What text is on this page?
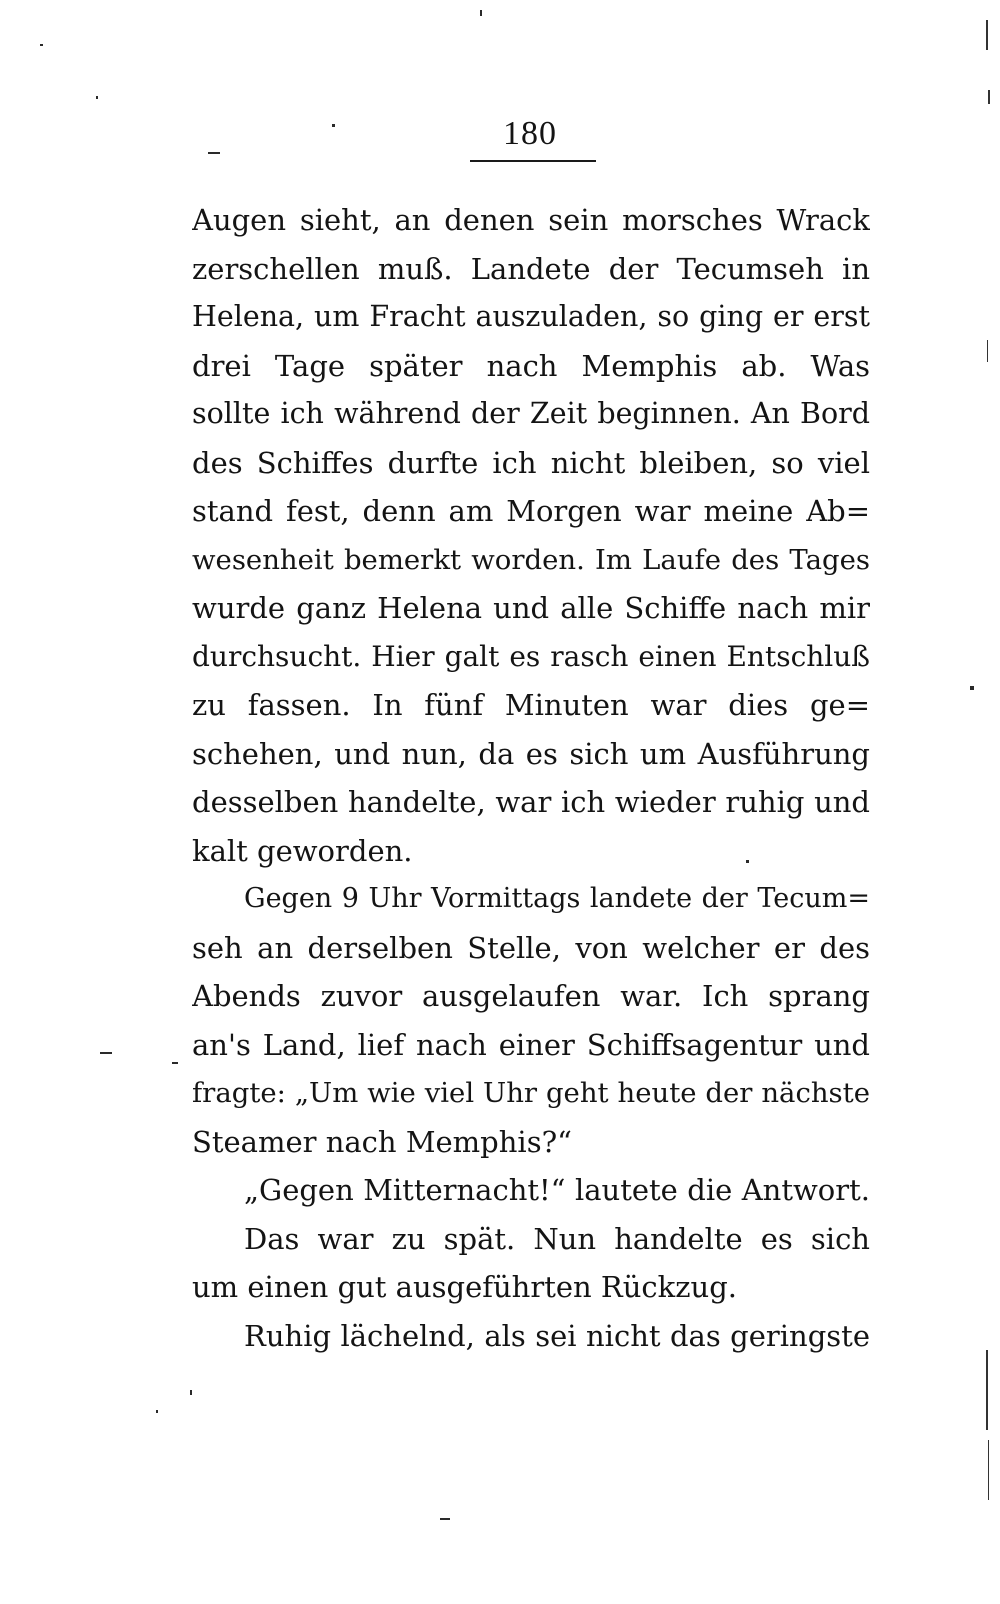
180
Augen sieht, an denen sein morsches Wrack
zerschellen muß. Landete der Tecumseh in
Helena, um Fracht auszuladen, so ging er erst
drei Tage später nach Memphis ab. Was
sollte ich während der Zeit beginnen. An Bord
des Schiffes durfte ich nicht bleiben, so viel
stand fest, denn am Morgen war meine Ab=
wesenheit bemerkt worden. Im Laufe des Tages
wurde ganz Helena und alle Schiffe nach mir
durchsucht. Hier galt es rasch einen Entschluß
zu fassen. In fünf Minuten war dies ge=
schehen, und nun, da es sich um Ausführung
desselben handelte, war ich wieder ruhig und
kalt geworden.
Gegen 9 Uhr Vormittags landete der Tecum=
seh an derselben Stelle, von welcher er des
Abends zuvor ausgelaufen war. Ich sprang
an's Land, lief nach einer Schiffsagentur und
fragte: „Um wie viel Uhr geht heute der nächste
Steamer nach Memphis?“
„Gegen Mitternacht!“ lautete die Antwort.
Das war zu spät. Nun handelte es sich
um einen gut ausgeführten Rückzug.
Ruhig lächelnd, als sei nicht das geringste
